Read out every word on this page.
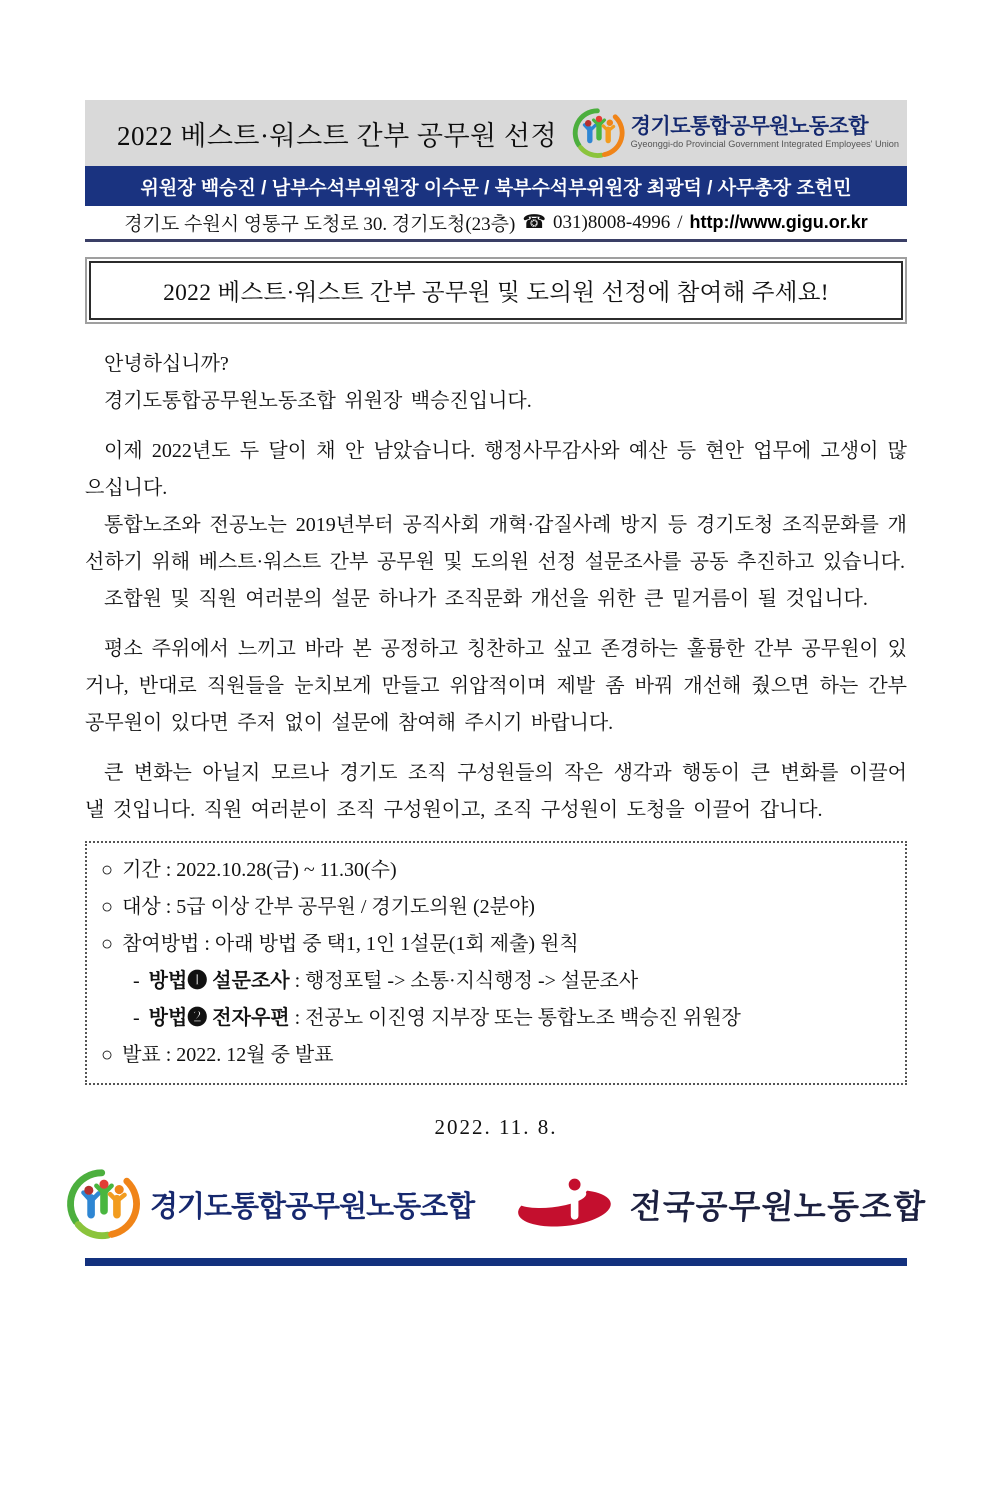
2022 베스트·워스트 간부 공무원 선정	경기도통합공무원노동조합
Gyeonggi-do Provincial Government Integrated Employees' Union
위원장 백승진 / 남부수석부위원장 이수문 / 북부수석부위원장 최광덕 / 사무총장 조헌민
경기도 수원시 영통구 도청로 30. 경기도청(23층) ☎ 031)8008-4996 / http://www.gigu.or.kr
2022 베스트·워스트 간부 공무원 및 도의원 선정에 참여해 주세요!

안녕하십니까?

경기도통합공무원노동조합 위원장 백승진입니다.

이제 2022년도 두 달이 채 안 남았습니다. 행정사무감사와 예산 등 현안 업무에 고생이 많으십니다.

통합노조와 전공노는 2019년부터 공직사회 개혁·갑질사례 방지 등 경기도청 조직문화를 개선하기 위해 베스트·워스트 간부 공무원 및 도의원 선정 설문조사를 공동 추진하고 있습니다.

조합원 및 직원 여러분의 설문 하나가 조직문화 개선을 위한 큰 밑거름이 될 것입니다.

평소 주위에서 느끼고 바라 본 공정하고 칭찬하고 싶고 존경하는 훌륭한 간부 공무원이 있거나, 반대로 직원들을 눈치보게 만들고 위압적이며 제발 좀 바꿔 개선해 줬으면 하는 간부 공무원이 있다면 주저 없이 설문에 참여해 주시기 바랍니다.

큰 변화는 아닐지 모르나 경기도 조직 구성원들의 작은 생각과 행동이 큰 변화를 이끌어 낼 것입니다. 직원 여러분이 조직 구성원이고, 조직 구성원이 도청을 이끌어 갑니다.

○ 기간 : 2022.10.28(금) ~ 11.30(수)
○ 대상 : 5급 이상 간부 공무원 / 경기도의원 (2분야)
○ 참여방법 : 아래 방법 중 택1, 1인 1설문(1회 제출) 원칙
- 방법❶ 설문조사 : 행정포털 -> 소통·지식행정 -> 설문조사
- 방법❷ 전자우편 : 전공노 이진영 지부장 또는 통합노조 백승진 위원장
○ 발표 : 2022. 12월 중 발표
2022. 11. 8.
경기도통합공무원노동조합	전국공무원노동조합
